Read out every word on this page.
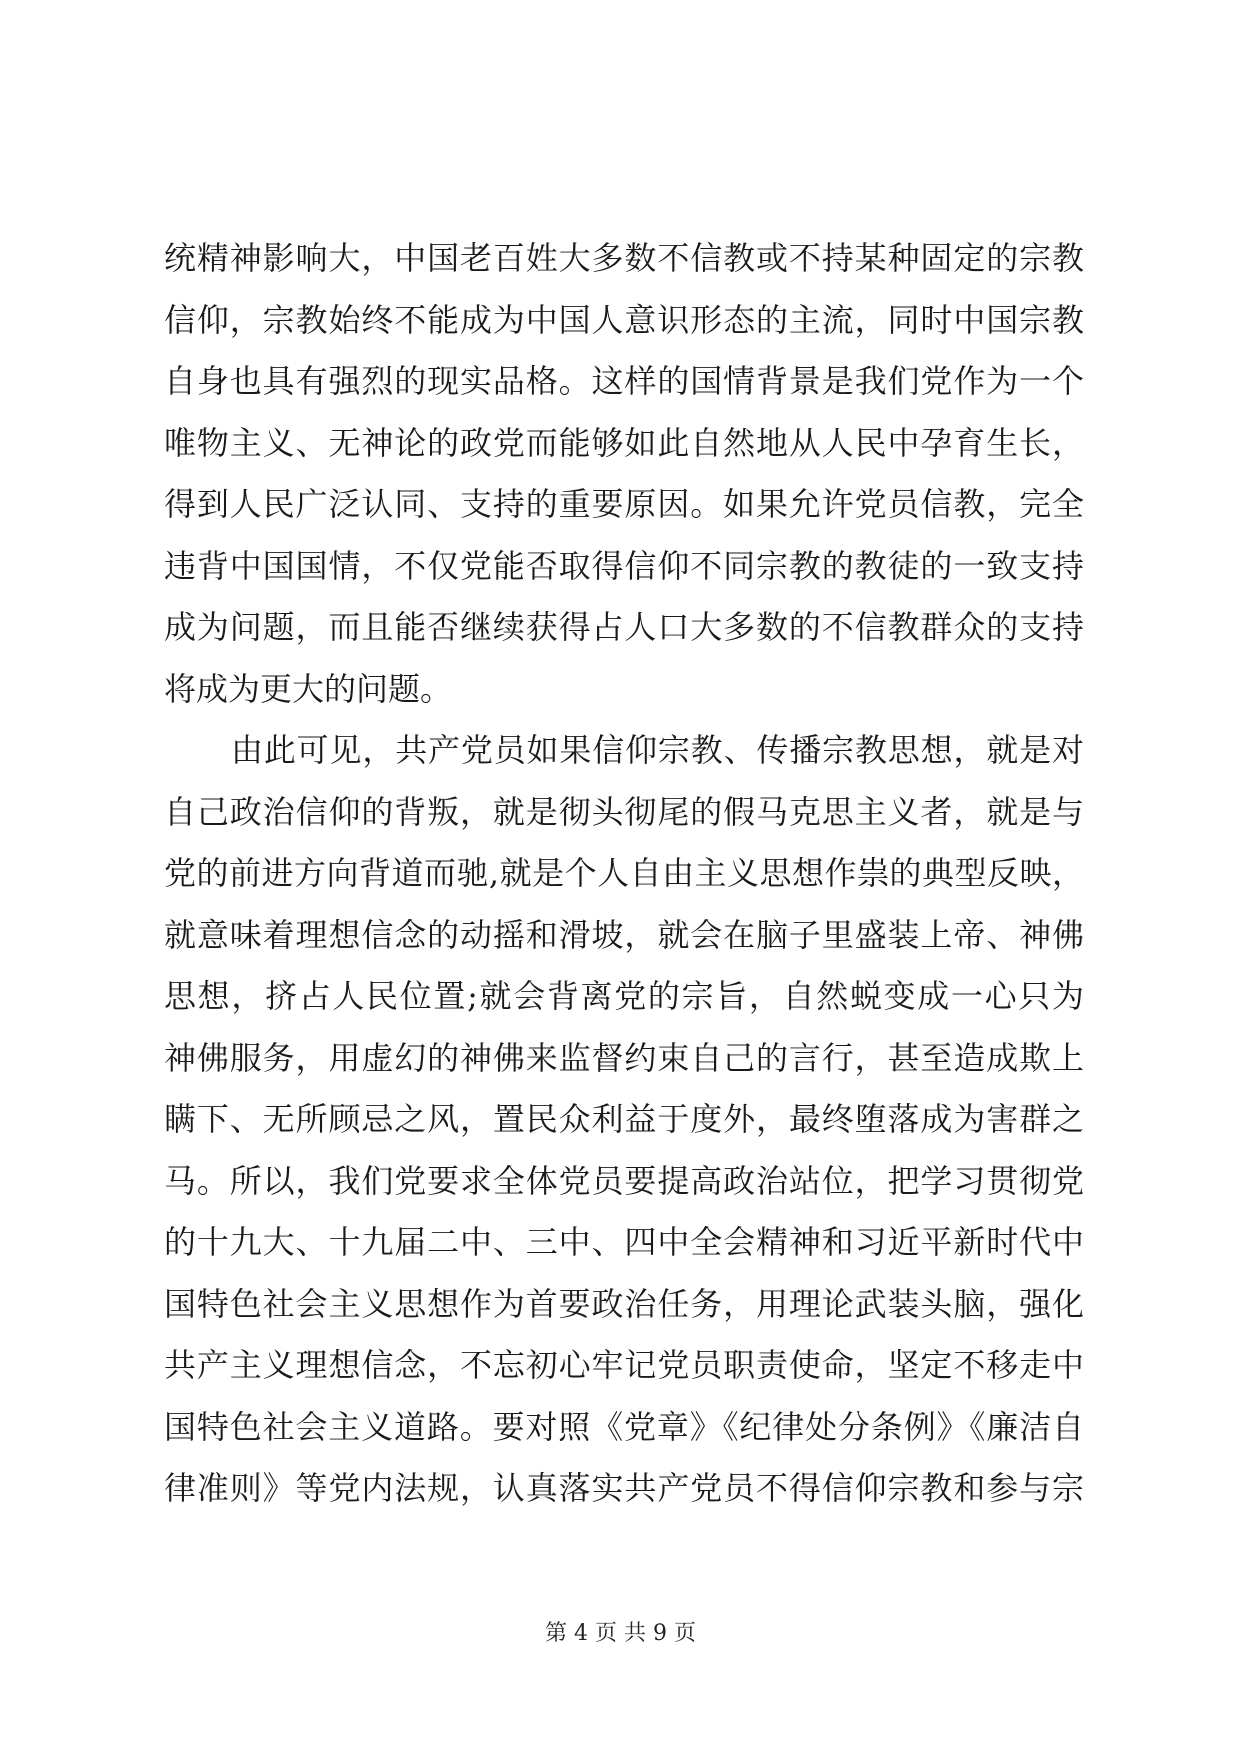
统精神影响大，中国老百姓大多数不信教或不持某种固定的宗教
信仰，宗教始终不能成为中国人意识形态的主流，同时中国宗教
自身也具有强烈的现实品格。这样的国情背景是我们党作为一个
唯物主义、无神论的政党而能够如此自然地从人民中孕育生长，
得到人民广泛认同、支持的重要原因。如果允许党员信教，完全
违背中国国情，不仅党能否取得信仰不同宗教的教徒的一致支持
成为问题，而且能否继续获得占人口大多数的不信教群众的支持
将成为更大的问题。
由此可见，共产党员如果信仰宗教、传播宗教思想，就是对
自己政治信仰的背叛，就是彻头彻尾的假马克思主义者，就是与
党的前进方向背道而驰,就是个人自由主义思想作祟的典型反映，
就意味着理想信念的动摇和滑坡，就会在脑子里盛装上帝、神佛
思想，挤占人民位置;就会背离党的宗旨，自然蜕变成一心只为
神佛服务，用虚幻的神佛来监督约束自己的言行，甚至造成欺上
瞒下、无所顾忌之风，置民众利益于度外，最终堕落成为害群之
马。所以，我们党要求全体党员要提高政治站位，把学习贯彻党
的十九大、十九届二中、三中、四中全会精神和习近平新时代中
国特色社会主义思想作为首要政治任务，用理论武装头脑，强化
共产主义理想信念，不忘初心牢记党员职责使命，坚定不移走中
国特色社会主义道路。要对照《党章》《纪律处分条例》《廉洁自
律准则》等党内法规，认真落实共产党员不得信仰宗教和参与宗
第 4 页 共 9 页
